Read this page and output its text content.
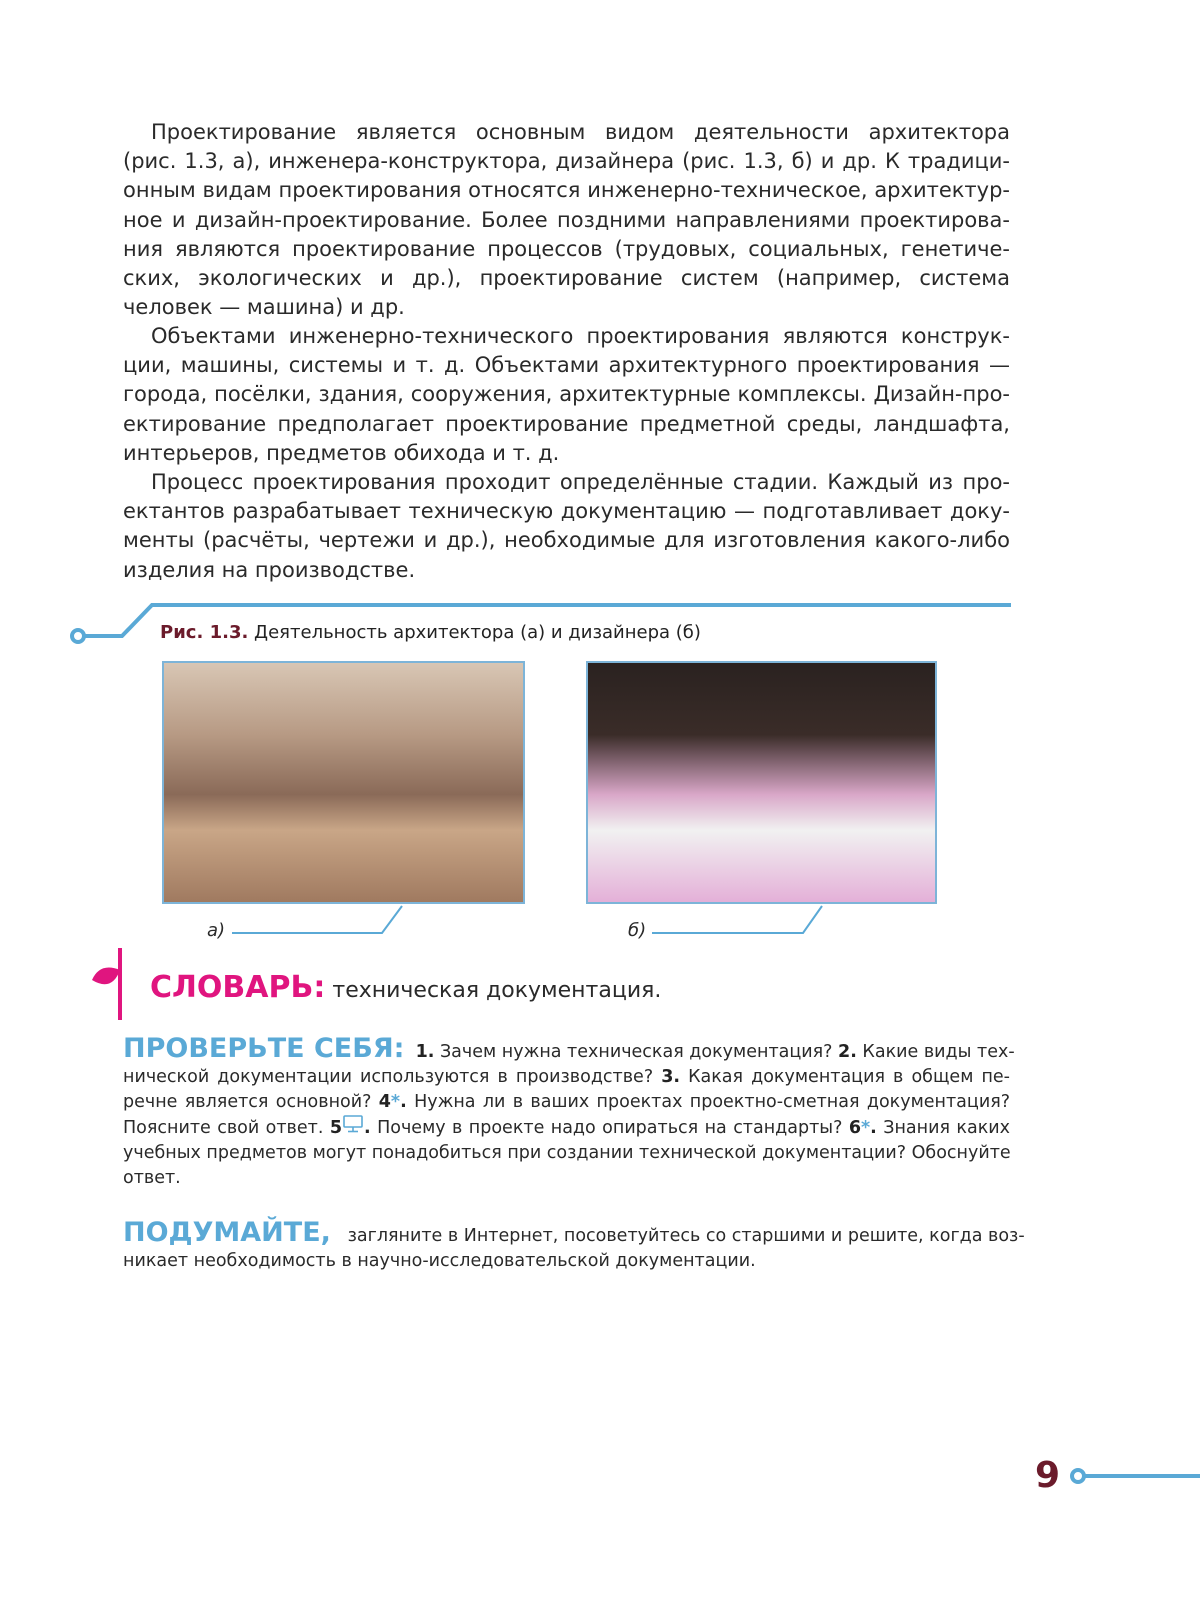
Проектирование является основным видом деятельности архитектора
(рис. 1.3, а), инженера-конструктора, дизайнера (рис. 1.3, б) и др. К традици-
онным видам проектирования относятся инженерно-техническое, архитектур-
ное и дизайн-проектирование. Более поздними направлениями проектирова-
ния являются проектирование процессов (трудовых, социальных, генетиче-
ских, экологических и др.), проектирование систем (например, система
человек — машина) и др.
Объектами инженерно-технического проектирования являются конструк-
ции, машины, системы и т. д. Объектами архитектурного проектирования —
города, посёлки, здания, сооружения, архитектурные комплексы. Дизайн-про-
ектирование предполагает проектирование предметной среды, ландшафта,
интерьеров, предметов обихода и т. д.
Процесс проектирования проходит определённые стадии. Каждый из про-
ектантов разрабатывает техническую документацию — подготавливает доку-
менты (расчёты, чертежи и др.), необходимые для изготовления какого-либо
изделия на производстве.
Рис. 1.3. Деятельность архитектора (а) и дизайнера (б)
а)	б)
СЛОВАРЬ: техническая документация.
ПРОВЕРЬТЕ СЕБЯ: 1. Зачем нужна техническая документация? 2. Какие виды тех-
нической документации используются в производстве? 3. Какая документация в общем пе-
речне является основной? 4*. Нужна ли в ваших проектах проектно-сметная документация?
Поясните свой ответ. 5 . Почему в проекте надо опираться на стандарты? 6*. Знания каких
учебных предметов могут понадобиться при создании технической документации? Обоснуйте
ответ.
ПОДУМАЙТЕ, загляните в Интернет, посоветуйтесь со старшими и решите, когда воз-
никает необходимость в научно-исследовательской документации.
9
